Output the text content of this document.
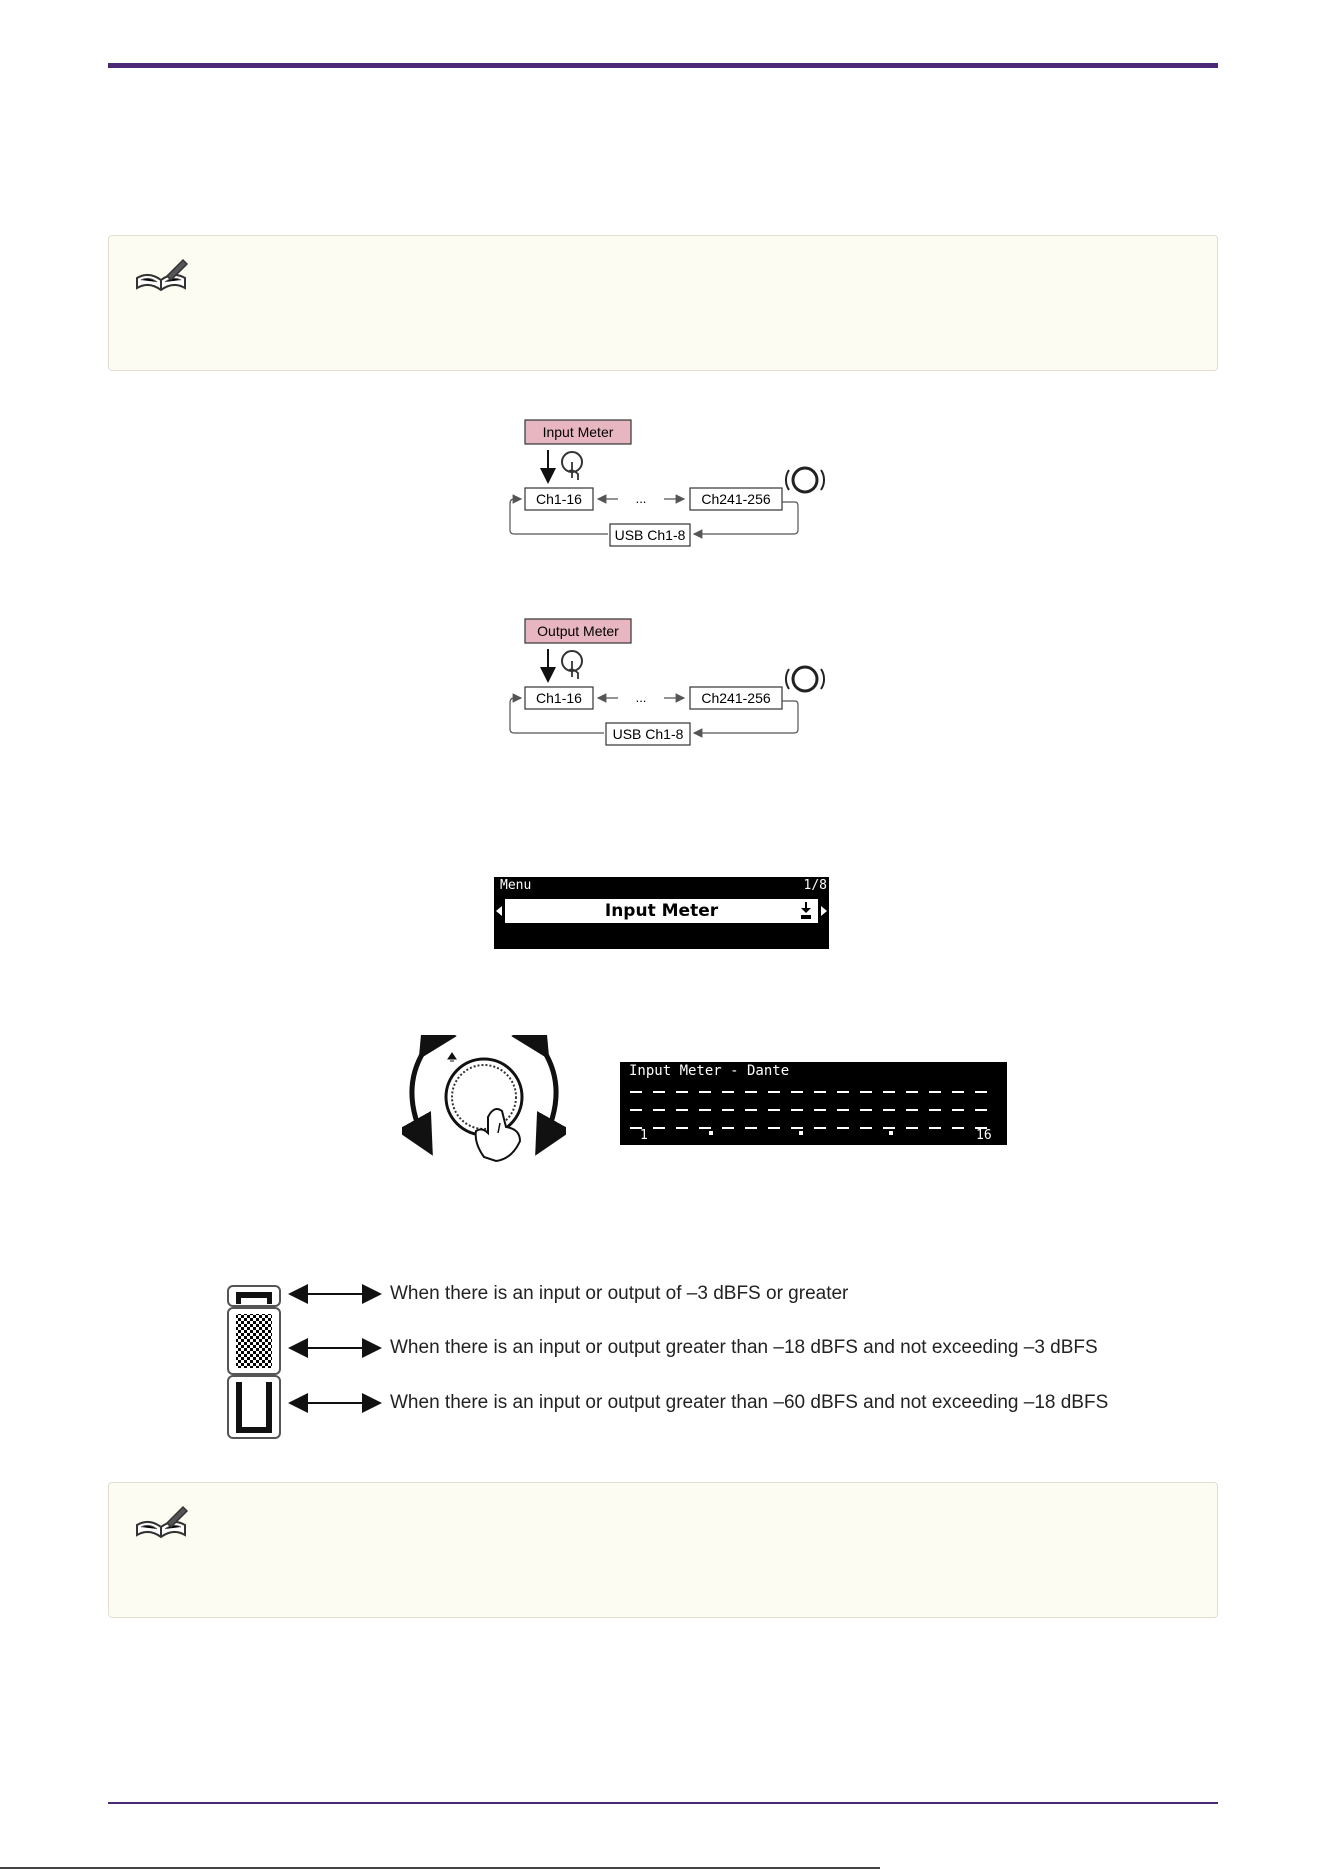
Input Meter
Ch1-16	...	Ch241-256
USB Ch1-8
Output Meter
Ch1-16	...	Ch241-256
USB Ch1-8
Menu	1/8
Input Meter
Input Meter - Dante
1	16
When there is an input or output of –3 dBFS or greater
When there is an input or output greater than –18 dBFS and not exceeding –3 dBFS
When there is an input or output greater than –60 dBFS and not exceeding –18 dBFS
